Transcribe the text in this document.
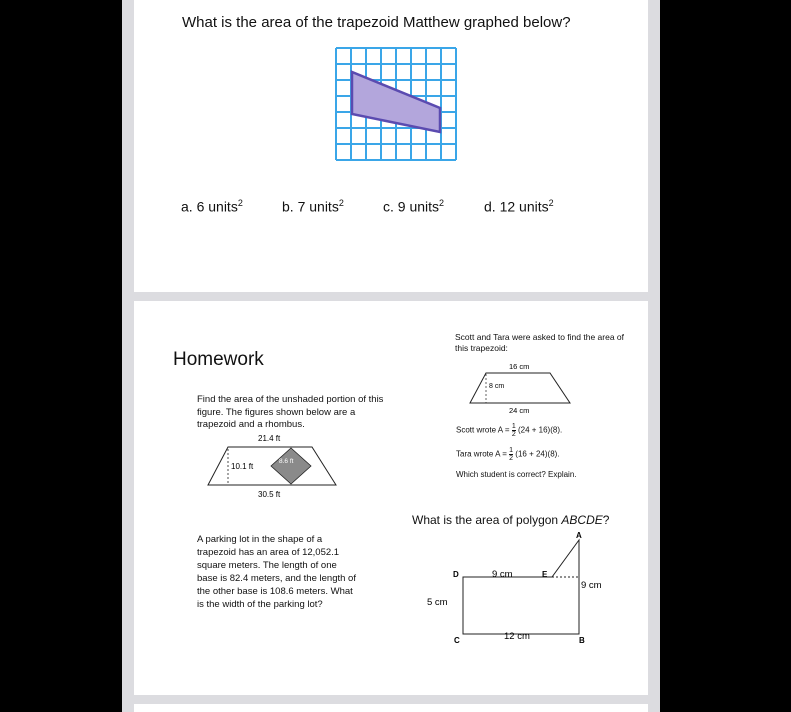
What is the area of the trapezoid Matthew graphed below?
a. 6 units$^2$	b. 7 units$^2$	c. 9 units$^2$	d. 12 units$^2$
Homework
Find the area of the unshaded portion of this figure. The figures shown below are a trapezoid and a rhombus.
21.4 ft
10.1 ft
8.6 ft
30.5 ft
Scott and Tara were asked to find the area of this trapezoid:
16 cm
8 cm
24 cm
Scott wrote $A = \frac{1}{2} (24 + 16)(8)$.
Tara wrote $A = \frac{1}{2} (16 + 24)(8)$.
Which student is correct? Explain.
A parking lot in the shape of a trapezoid has an area of 12,052.1 square meters. The length of one base is 82.4 meters, and the length of the other base is 108.6 meters. What is the width of the parking lot?
What is the area of polygon ABCDE?
A
B
C
D	E
9 cm
9 cm
5 cm
12 cm
